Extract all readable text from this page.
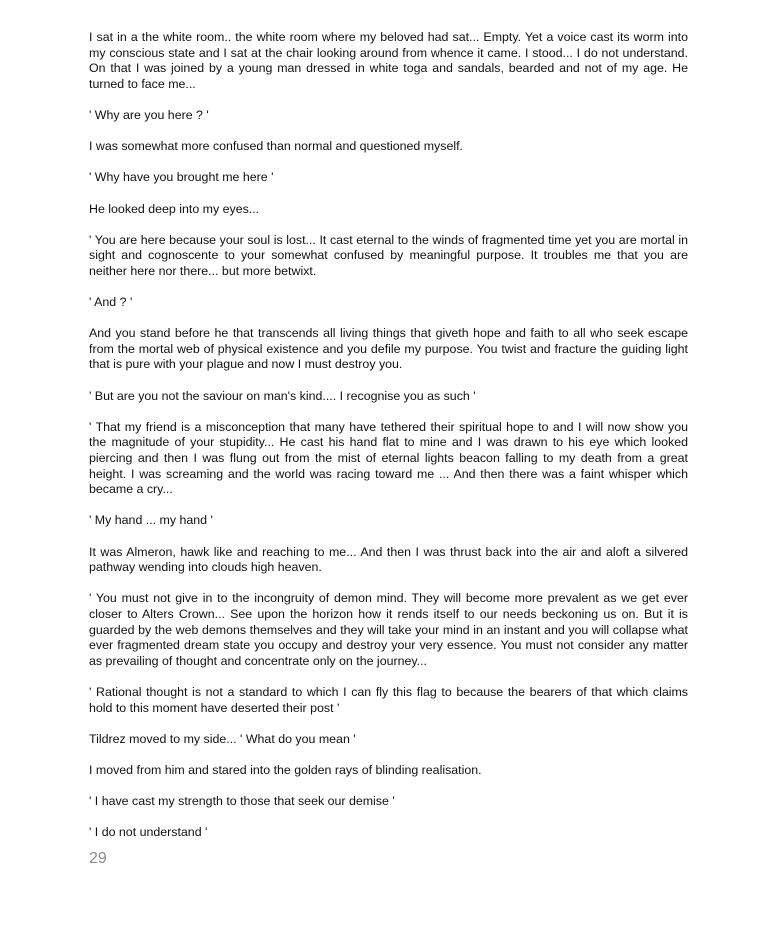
I sat in a the white room.. the white room where my beloved had sat... Empty. Yet a voice cast its worm into my conscious state and I sat at the chair looking around from whence it came. I stood... I do not understand. On that I was joined by a young man dressed in white toga and sandals, bearded and not of my age. He turned to face me...

' Why are you here ? '

I was somewhat more confused than normal and questioned myself.

' Why have you brought me here '

He looked deep into my eyes...

' You are here because your soul is lost... It cast eternal to the winds of fragmented time yet you are mortal in sight and cognoscente to your somewhat confused by meaningful purpose. It troubles me that you are neither here nor there... but more betwixt.

' And ? '

And you stand before he that transcends all living things that giveth hope and faith to all who seek escape from the mortal web of physical existence and you defile my purpose. You twist and fracture the guiding light that is pure with your plague and now I must destroy you.

' But are you not the saviour on man's kind.... I recognise you as such '

' That my friend is a misconception that many have tethered their spiritual hope to and I will now show you the magnitude of your stupidity... He cast his hand flat to mine and I was drawn to his eye which looked piercing and then I was flung out from the mist of eternal lights beacon falling to my death from a great height. I was screaming and the world was racing toward me ... And then there was a faint whisper which became a cry...

' My hand ... my hand '

It was Almeron, hawk like and reaching to me... And then I was thrust back into the air and aloft a silvered pathway wending into clouds high heaven.

' You must not give in to the incongruity of demon mind. They will become more prevalent as we get ever closer to Alters Crown... See upon the horizon how it rends itself to our needs beckoning us on. But it is guarded by the web demons themselves and they will take your mind in an instant and you will collapse what ever fragmented dream state you occupy and destroy your very essence. You must not consider any matter as prevailing of thought and concentrate only on the journey...

' Rational thought is not a standard to which I can fly this flag to because the bearers of that which claims hold to this moment have deserted their post '

Tildrez moved to my side... ' What do you mean '

I moved from him and stared into the golden rays of blinding realisation.

' I have cast my strength to those that seek our demise '

' I do not understand '

29
